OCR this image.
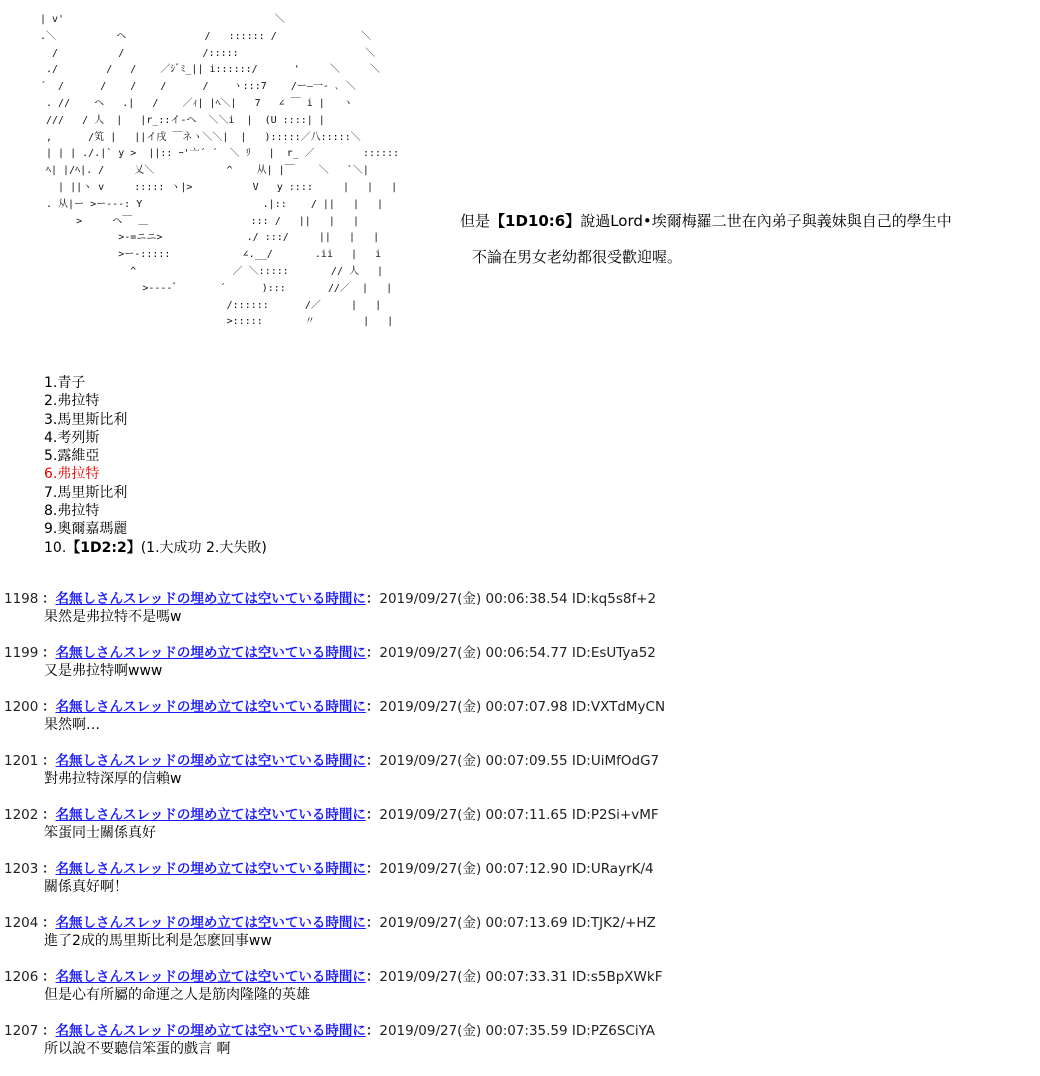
| v'                                   ＼
.＼          ヘ             /   :::::: /              ＼
/          /             /:::::                     ＼
./        /   /    ／ｼﾞﾐ_|| i::::::/      '     ＼     ＼
´  /      /    /    /      /    ヽ:::7    /ー―一‐ ､ ＼
. //    ヘ   .|   /    ／ｨ| |ﾍ＼|   7   ∠ ￣ i |   ヽ
///   / 人  |   |r_::イ‐ヘ  ＼＼i  |  (U ::::| |
,      /笂 |   ||イ戌 ￣ネヽ＼＼|  |   ):::::／八:::::＼
| | | ./.|` y >  ||:: ｰ'亠´ ´  ＼ ﾘ   |  r_ ／        ::::::
ﾍ| |/ﾍ|. /     乂＼            ^    从| |￣    ＼   `＼|
| ||ヽ v     ::::: ヽ|>          V   y ::::     |   |   |
. 从|ー >ー‐‐‐: Y                    .|::    / ||   |   |
>     ヘ￣ ＿                 ::: /   ||   |   |
>‐=ニニ>              ./ :::/     ||   |   |
>ー‐:::::            ∠.__/       .ii   |   i
^                ／ ＼:::::       // 人   |
>‐‐‐‐ﾞ       ´      ):::       //／  |   |
/::::::      /／     |   |
>:::::       〃        |   |
但是【1D10:6】說過Lord•埃爾梅羅二世在內弟子與義妹與自己的學生中
不論在男女老幼都很受歡迎喔。
1.青子
2.弗拉特
3.馬里斯比利
4.考列斯
5.露維亞
6.弗拉特
7.馬里斯比利
8.弗拉特
9.奧爾嘉瑪麗
10.【1D2:2】(1.大成功 2.大失敗)
1198 ：名無しさんスレッドの埋め立ては空いている時間に：2019/09/27(金) 00:06:38.54 ID:kq5s8f+2
果然是弗拉特不是嗎w
1199 ：名無しさんスレッドの埋め立ては空いている時間に：2019/09/27(金) 00:06:54.77 ID:EsUTya52
又是弗拉特啊www
1200 ：名無しさんスレッドの埋め立ては空いている時間に：2019/09/27(金) 00:07:07.98 ID:VXTdMyCN
果然啊…
1201 ：名無しさんスレッドの埋め立ては空いている時間に：2019/09/27(金) 00:07:09.55 ID:UiMfOdG7
對弗拉特深厚的信賴w
1202 ：名無しさんスレッドの埋め立ては空いている時間に：2019/09/27(金) 00:07:11.65 ID:P2Si+vMF
笨蛋同士關係真好
1203 ：名無しさんスレッドの埋め立ては空いている時間に：2019/09/27(金) 00:07:12.90 ID:URayrK/4
關係真好啊！
1204 ：名無しさんスレッドの埋め立ては空いている時間に：2019/09/27(金) 00:07:13.69 ID:TJK2/+HZ
進了2成的馬里斯比利是怎麽回事ww
1206 ：名無しさんスレッドの埋め立ては空いている時間に：2019/09/27(金) 00:07:33.31 ID:s5BpXWkF
但是心有所屬的命運之人是筋肉隆隆的英雄
1207 ：名無しさんスレッドの埋め立ては空いている時間に：2019/09/27(金) 00:07:35.59 ID:PZ6SCiYA
所以說不要聽信笨蛋的戲言 啊
